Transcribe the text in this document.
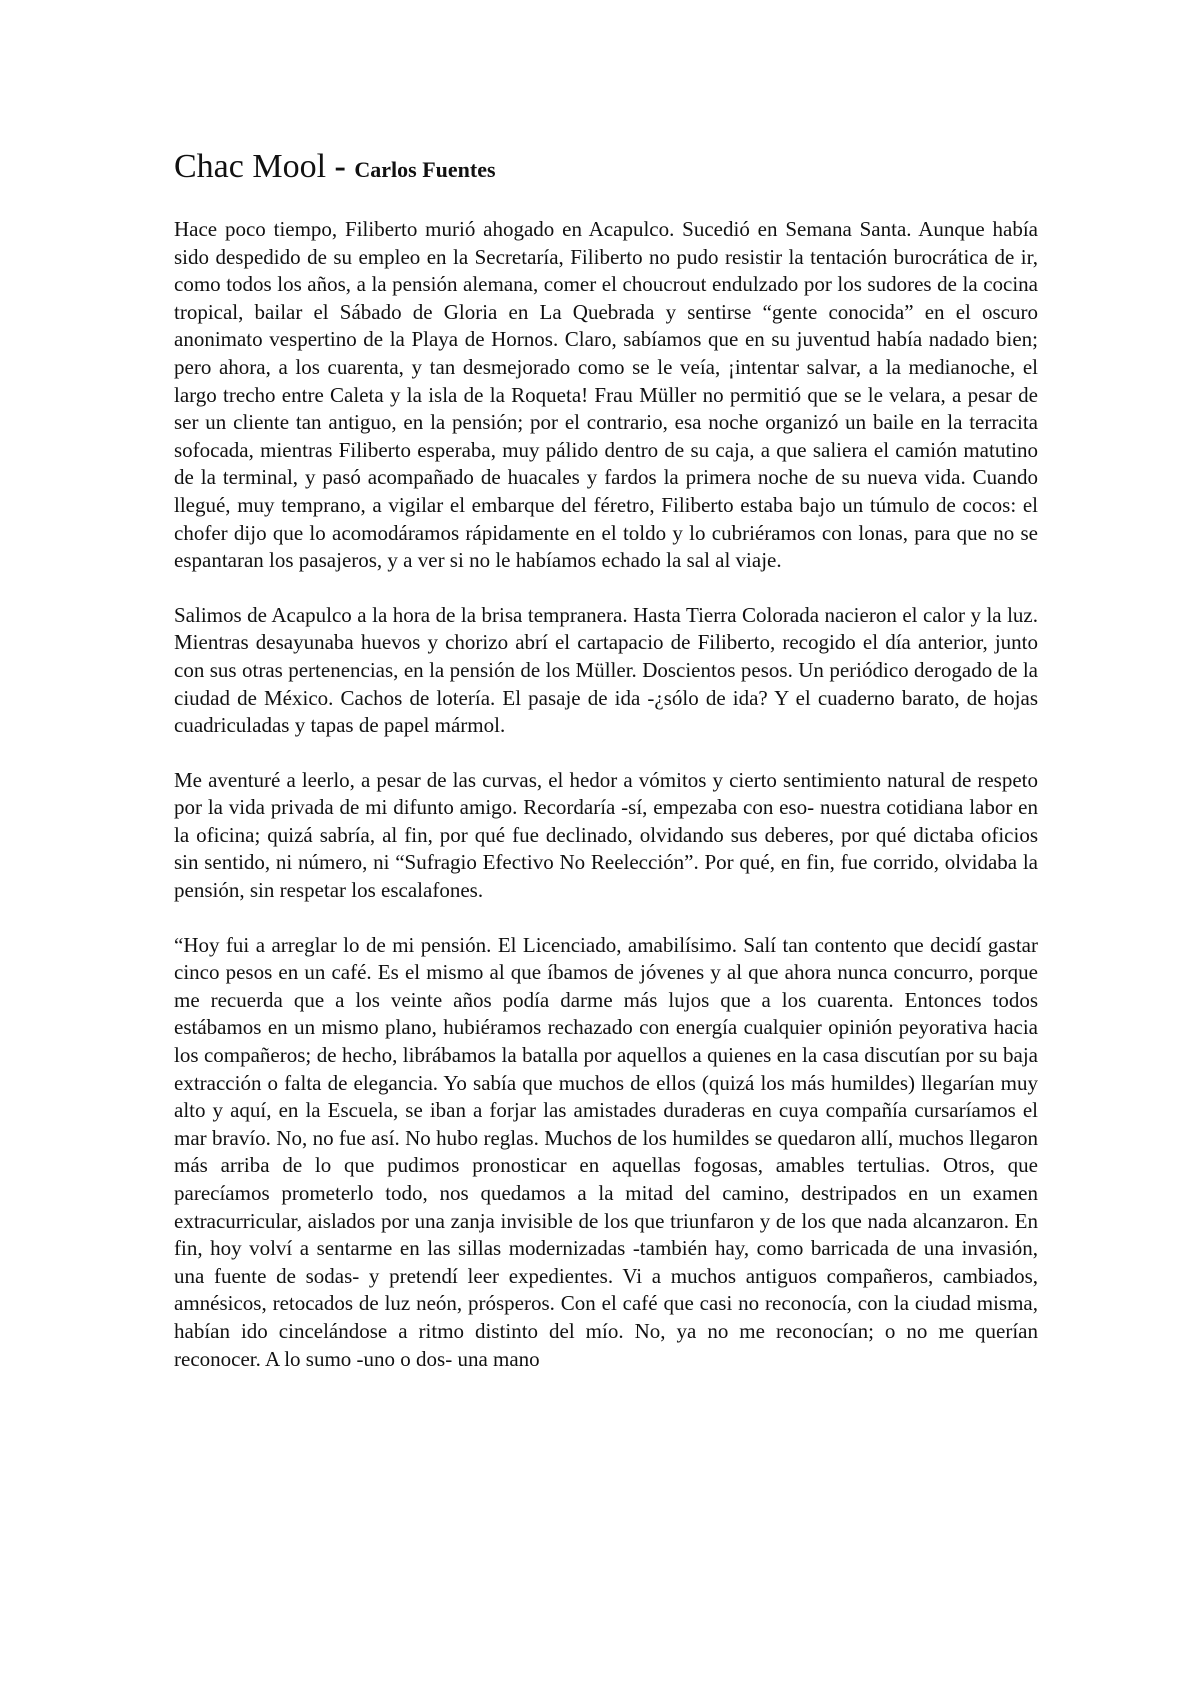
Chac Mool - Carlos Fuentes

Hace poco tiempo, Filiberto murió ahogado en Acapulco. Sucedió en Semana Santa. Aunque había sido despedido de su empleo en la Secretaría, Filiberto no pudo resistir la tentación burocrática de ir, como todos los años, a la pensión alemana, comer el choucrout endulzado por los sudores de la cocina tropical, bailar el Sábado de Gloria en La Quebrada y sentirse “gente conocida” en el oscuro anonimato vespertino de la Playa de Hornos. Claro, sabíamos que en su juventud había nadado bien; pero ahora, a los cuarenta, y tan desmejorado como se le veía, ¡intentar salvar, a la medianoche, el largo trecho entre Caleta y la isla de la Roqueta! Frau Müller no permitió que se le velara, a pesar de ser un cliente tan antiguo, en la pensión; por el contrario, esa noche organizó un baile en la terracita sofocada, mientras Filiberto esperaba, muy pálido dentro de su caja, a que saliera el camión matutino de la terminal, y pasó acompañado de huacales y fardos la primera noche de su nueva vida. Cuando llegué, muy temprano, a vigilar el embarque del féretro, Filiberto estaba bajo un túmulo de cocos: el chofer dijo que lo acomodáramos rápidamente en el toldo y lo cubriéramos con lonas, para que no se espantaran los pasajeros, y a ver si no le habíamos echado la sal al viaje.

Salimos de Acapulco a la hora de la brisa tempranera. Hasta Tierra Colorada nacieron el calor y la luz. Mientras desayunaba huevos y chorizo abrí el cartapacio de Filiberto, recogido el día anterior, junto con sus otras pertenencias, en la pensión de los Müller. Doscientos pesos. Un periódico derogado de la ciudad de México. Cachos de lotería. El pasaje de ida -¿sólo de ida? Y el cuaderno barato, de hojas cuadriculadas y tapas de papel mármol.

Me aventuré a leerlo, a pesar de las curvas, el hedor a vómitos y cierto sentimiento natural de respeto por la vida privada de mi difunto amigo. Recordaría -sí, empezaba con eso- nuestra cotidiana labor en la oficina; quizá sabría, al fin, por qué fue declinado, olvidando sus deberes, por qué dictaba oficios sin sentido, ni número, ni “Sufragio Efectivo No Reelección”. Por qué, en fin, fue corrido, olvidaba la pensión, sin respetar los escalafones.

“Hoy fui a arreglar lo de mi pensión. El Licenciado, amabilísimo. Salí tan contento que decidí gastar cinco pesos en un café. Es el mismo al que íbamos de jóvenes y al que ahora nunca concurro, porque me recuerda que a los veinte años podía darme más lujos que a los cuarenta. Entonces todos estábamos en un mismo plano, hubiéramos rechazado con energía cualquier opinión peyorativa hacia los compañeros; de hecho, librábamos la batalla por aquellos a quienes en la casa discutían por su baja extracción o falta de elegancia. Yo sabía que muchos de ellos (quizá los más humildes) llegarían muy alto y aquí, en la Escuela, se iban a forjar las amistades duraderas en cuya compañía cursaríamos el mar bravío. No, no fue así. No hubo reglas. Muchos de los humildes se quedaron allí, muchos llegaron más arriba de lo que pudimos pronosticar en aquellas fogosas, amables tertulias. Otros, que parecíamos prometerlo todo, nos quedamos a la mitad del camino, destripados en un examen extracurricular, aislados por una zanja invisible de los que triunfaron y de los que nada alcanzaron. En fin, hoy volví a sentarme en las sillas modernizadas -también hay, como barricada de una invasión, una fuente de sodas- y pretendí leer expedientes. Vi a muchos antiguos compañeros, cambiados, amnésicos, retocados de luz neón, prósperos. Con el café que casi no reconocía, con la ciudad misma, habían ido cincelándose a ritmo distinto del mío. No, ya no me reconocían; o no me querían reconocer. A lo sumo -uno o dos- una mano
